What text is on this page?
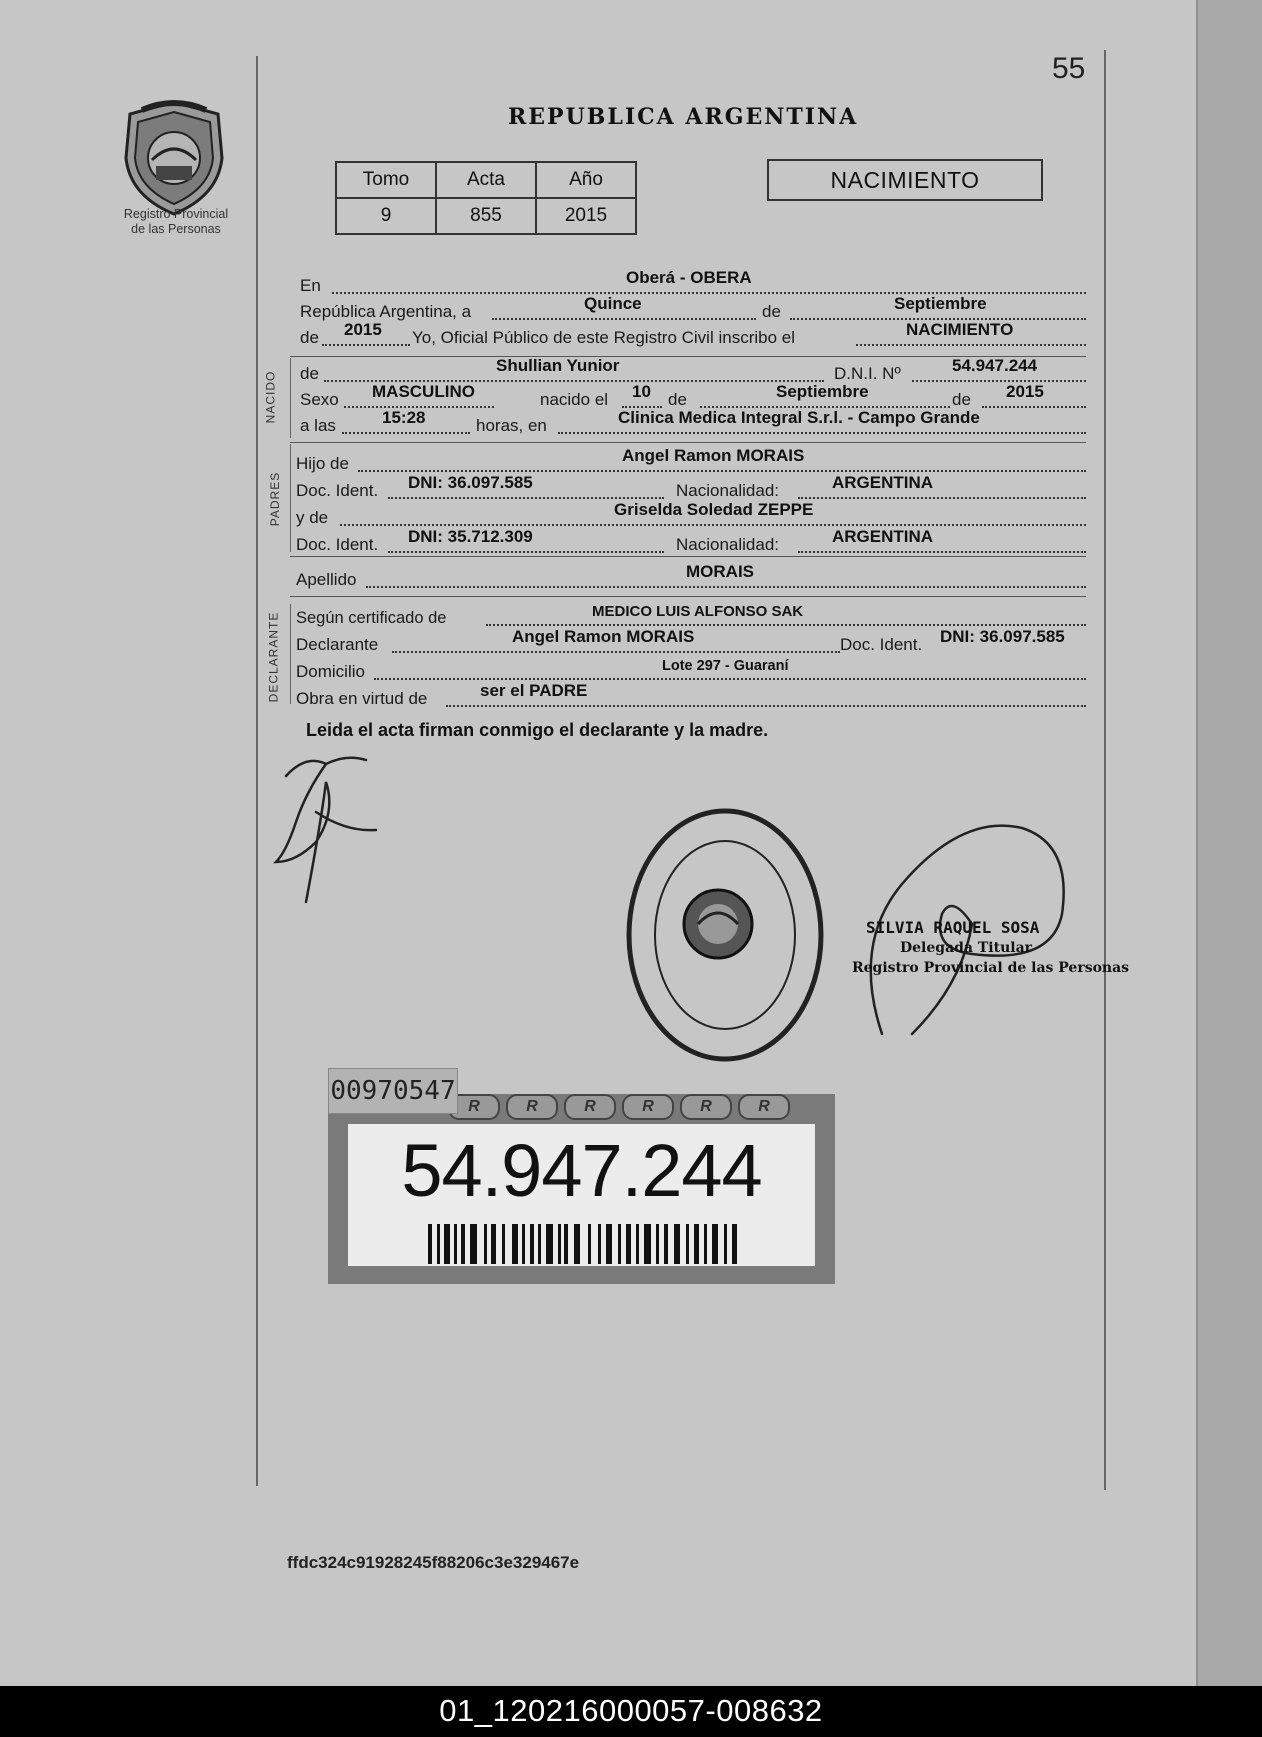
55
Registro Provincial
de las Personas
REPUBLICA ARGENTINA
Tomo	Acta	Año
9	855	2015
NACIMIENTO
En	Oberá - OBERA
República Argentina, a	Quince	de	Septiembre
de 2015 Yo, Oficial Público de este Registro Civil inscribo el	NACIMIENTO
NACIDO de	Shullian Yunior	D.N.I. Nº	54.947.244
Sexo MASCULINO	nacido el 10 de	Septiembre	de 2015
a las	15:28	horas, en	Clinica Medica Integral S.r.l. - Campo Grande
PADRES
Hijo de	Angel Ramon MORAIS
Doc. Ident. DNI: 36.097.585	Nacionalidad:	ARGENTINA
y de	Griselda Soledad ZEPPE
Doc. Ident. DNI: 35.712.309	Nacionalidad:	ARGENTINA
Apellido	MORAIS
DECLARANTE Según certificado de	MEDICO LUIS ALFONSO SAK
Declarante	Angel Ramon MORAIS	Doc. Ident. DNI: 36.097.585
Domicilio	Lote 297 - Guaraní
Obra en virtud de	ser el PADRE
Leida el acta firman conmigo el declarante y la madre.
SILVIA RAQUEL SOSA
Delegada Titular
Registro Provincial de las Personas
R	R	R	R	R	R
54.947.244
00970547
ffdc324c91928245f88206c3e329467e
01_120216000057-008632
